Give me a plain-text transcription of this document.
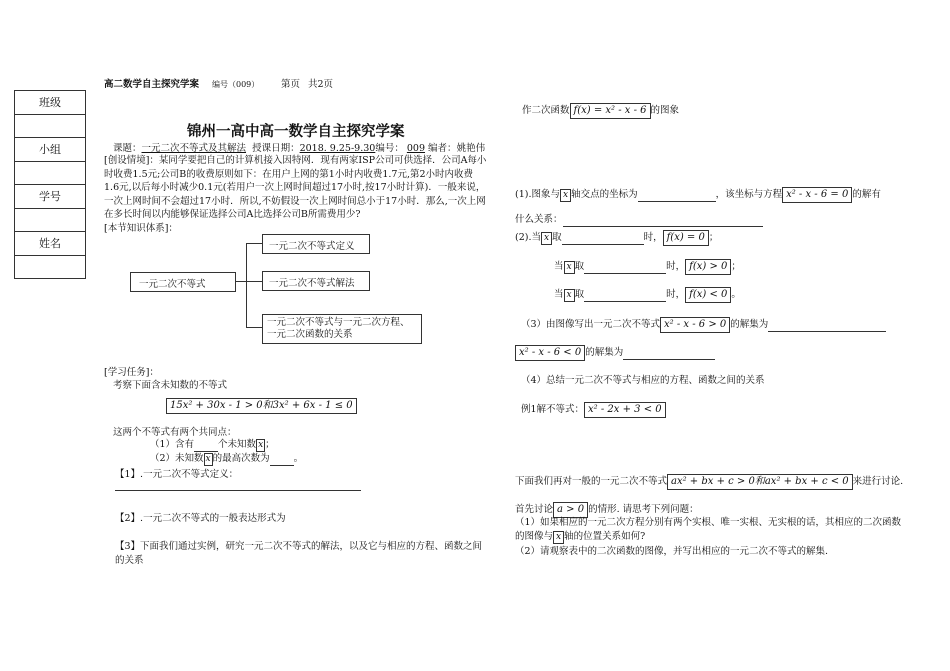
高二数学自主探究学案 编号（009） 第页 共2页
班级
小组
学号
姓名
锦州一高中高一数学自主探究学案
课题：一元二次不等式及其解法 授课日期：2018. 9.25-9.30编号： 009 编者：姚艳伟
[创设情境]：某同学要把自己的计算机接入因特网．现有两家ISP公司可供选择．公司A每小时收费1.5元;公司B的收费原则如下：在用户上网的第1小时内收费1.7元,第2小时内收费1.6元,以后每小时减少0.1元(若用户一次上网时间超过17小时,按17小时计算)．一般来说，一次上网时间不会超过17小时．所以,不妨假设一次上网时间总小于17小时．那么,一次上网在多长时间以内能够保证选择公司A比选择公司B所需费用少?
[本节知识体系]：
一元二次不等式
一元二次不等式定义
一元二次不等式解法
一元二次不等式与一元二次方程、一元二次函数的关系
[学习任务]：
考察下面含未知数的不等式
15x² + 30x - 1 > 0和3x² + 6x - 1 ≤ 0
这两个不等式有两个共同点：
（1）含有	个未知数 x ；
（2）未知数 x 的最高次数为	。
【1】.一元二次不等式定义：
【2】.一元二次不等式的一般表达形式为
【3】下面我们通过实例，研究一元二次不等式的解法，以及它与相应的方程、函数之间的关系
作二次函数 f(x) = x² - x - 6 的图象
(1).图象与 x 轴交点的坐标为	，该坐标与方程 x² - x - 6 = 0 的解有
什么关系：
(2).当 x 取	时， f(x) = 0 ；
当 x 取	时， f(x) > 0 ；
当 x 取	时， f(x) < 0 。
（3）由图像写出一元二次不等式 x² - x - 6 > 0 的解集为
x² - x - 6 < 0 的解集为
（4）总结一元二次不等式与相应的方程、函数之间的关系
例1解不等式： x² - 2x + 3 < 0
下面我们再对一般的一元二次不等式 ax² + bx + c > 0和ax² + bx + c < 0 来进行讨论.
首先讨论 a > 0 的情形. 请思考下列问题：
（1）如果相应的一元二次方程分别有两个实根、唯一实根、无实根的话，其相应的二次函数的图像与 x 轴的位置关系如何?
（2）请观察表中的二次函数的图像，并写出相应的一元二次不等式的解集.
